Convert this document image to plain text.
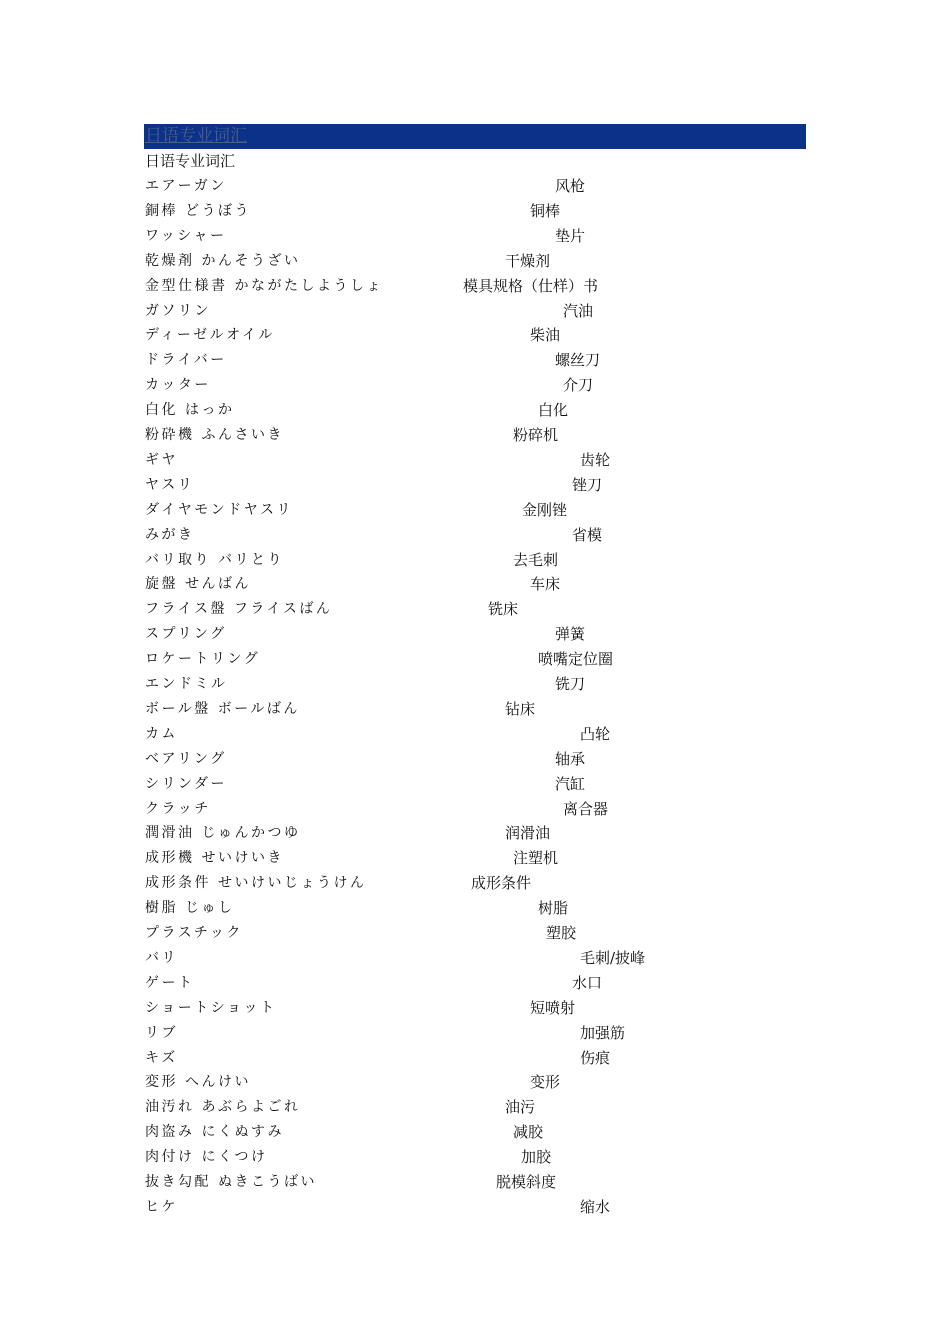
日语专业词汇
日语专业词汇
エアーガン	风枪
銅棒 どうぼう	铜棒
ワッシャー	垫片
乾燥剤 かんそうざい	干燥剂
金型仕様書 かながたしようしょ	模具规格（仕样）书
ガソリン	汽油
ディーゼルオイル	柴油
ドライバー	螺丝刀
カッター	介刀
白化 はっか	白化
粉砕機 ふんさいき	粉碎机
ギヤ	齿轮
ヤスリ	锉刀
ダイヤモンドヤスリ	金刚锉
みがき	省模
バリ取り バリとり	去毛刺
旋盤 せんばん	车床
フライス盤 フライスばん	铣床
スプリング	弹簧
ロケートリング	喷嘴定位圈
エンドミル	铣刀
ボール盤 ボールばん	钻床
カム	凸轮
ベアリング	轴承
シリンダー	汽缸
クラッチ	离合器
潤滑油 じゅんかつゆ	润滑油
成形機 せいけいき	注塑机
成形条件 せいけいじょうけん	成形条件
樹脂 じゅし	树脂
プラスチック	塑胶
バリ	毛刺/披峰
ゲート	水口
ショートショット	短喷射
リブ	加强筋
キズ	伤痕
変形 へんけい	变形
油汚れ あぶらよごれ	油污
肉盗み にくぬすみ	减胶
肉付け にくつけ	加胶
抜き勾配 ぬきこうばい	脱模斜度
ヒケ	缩水
